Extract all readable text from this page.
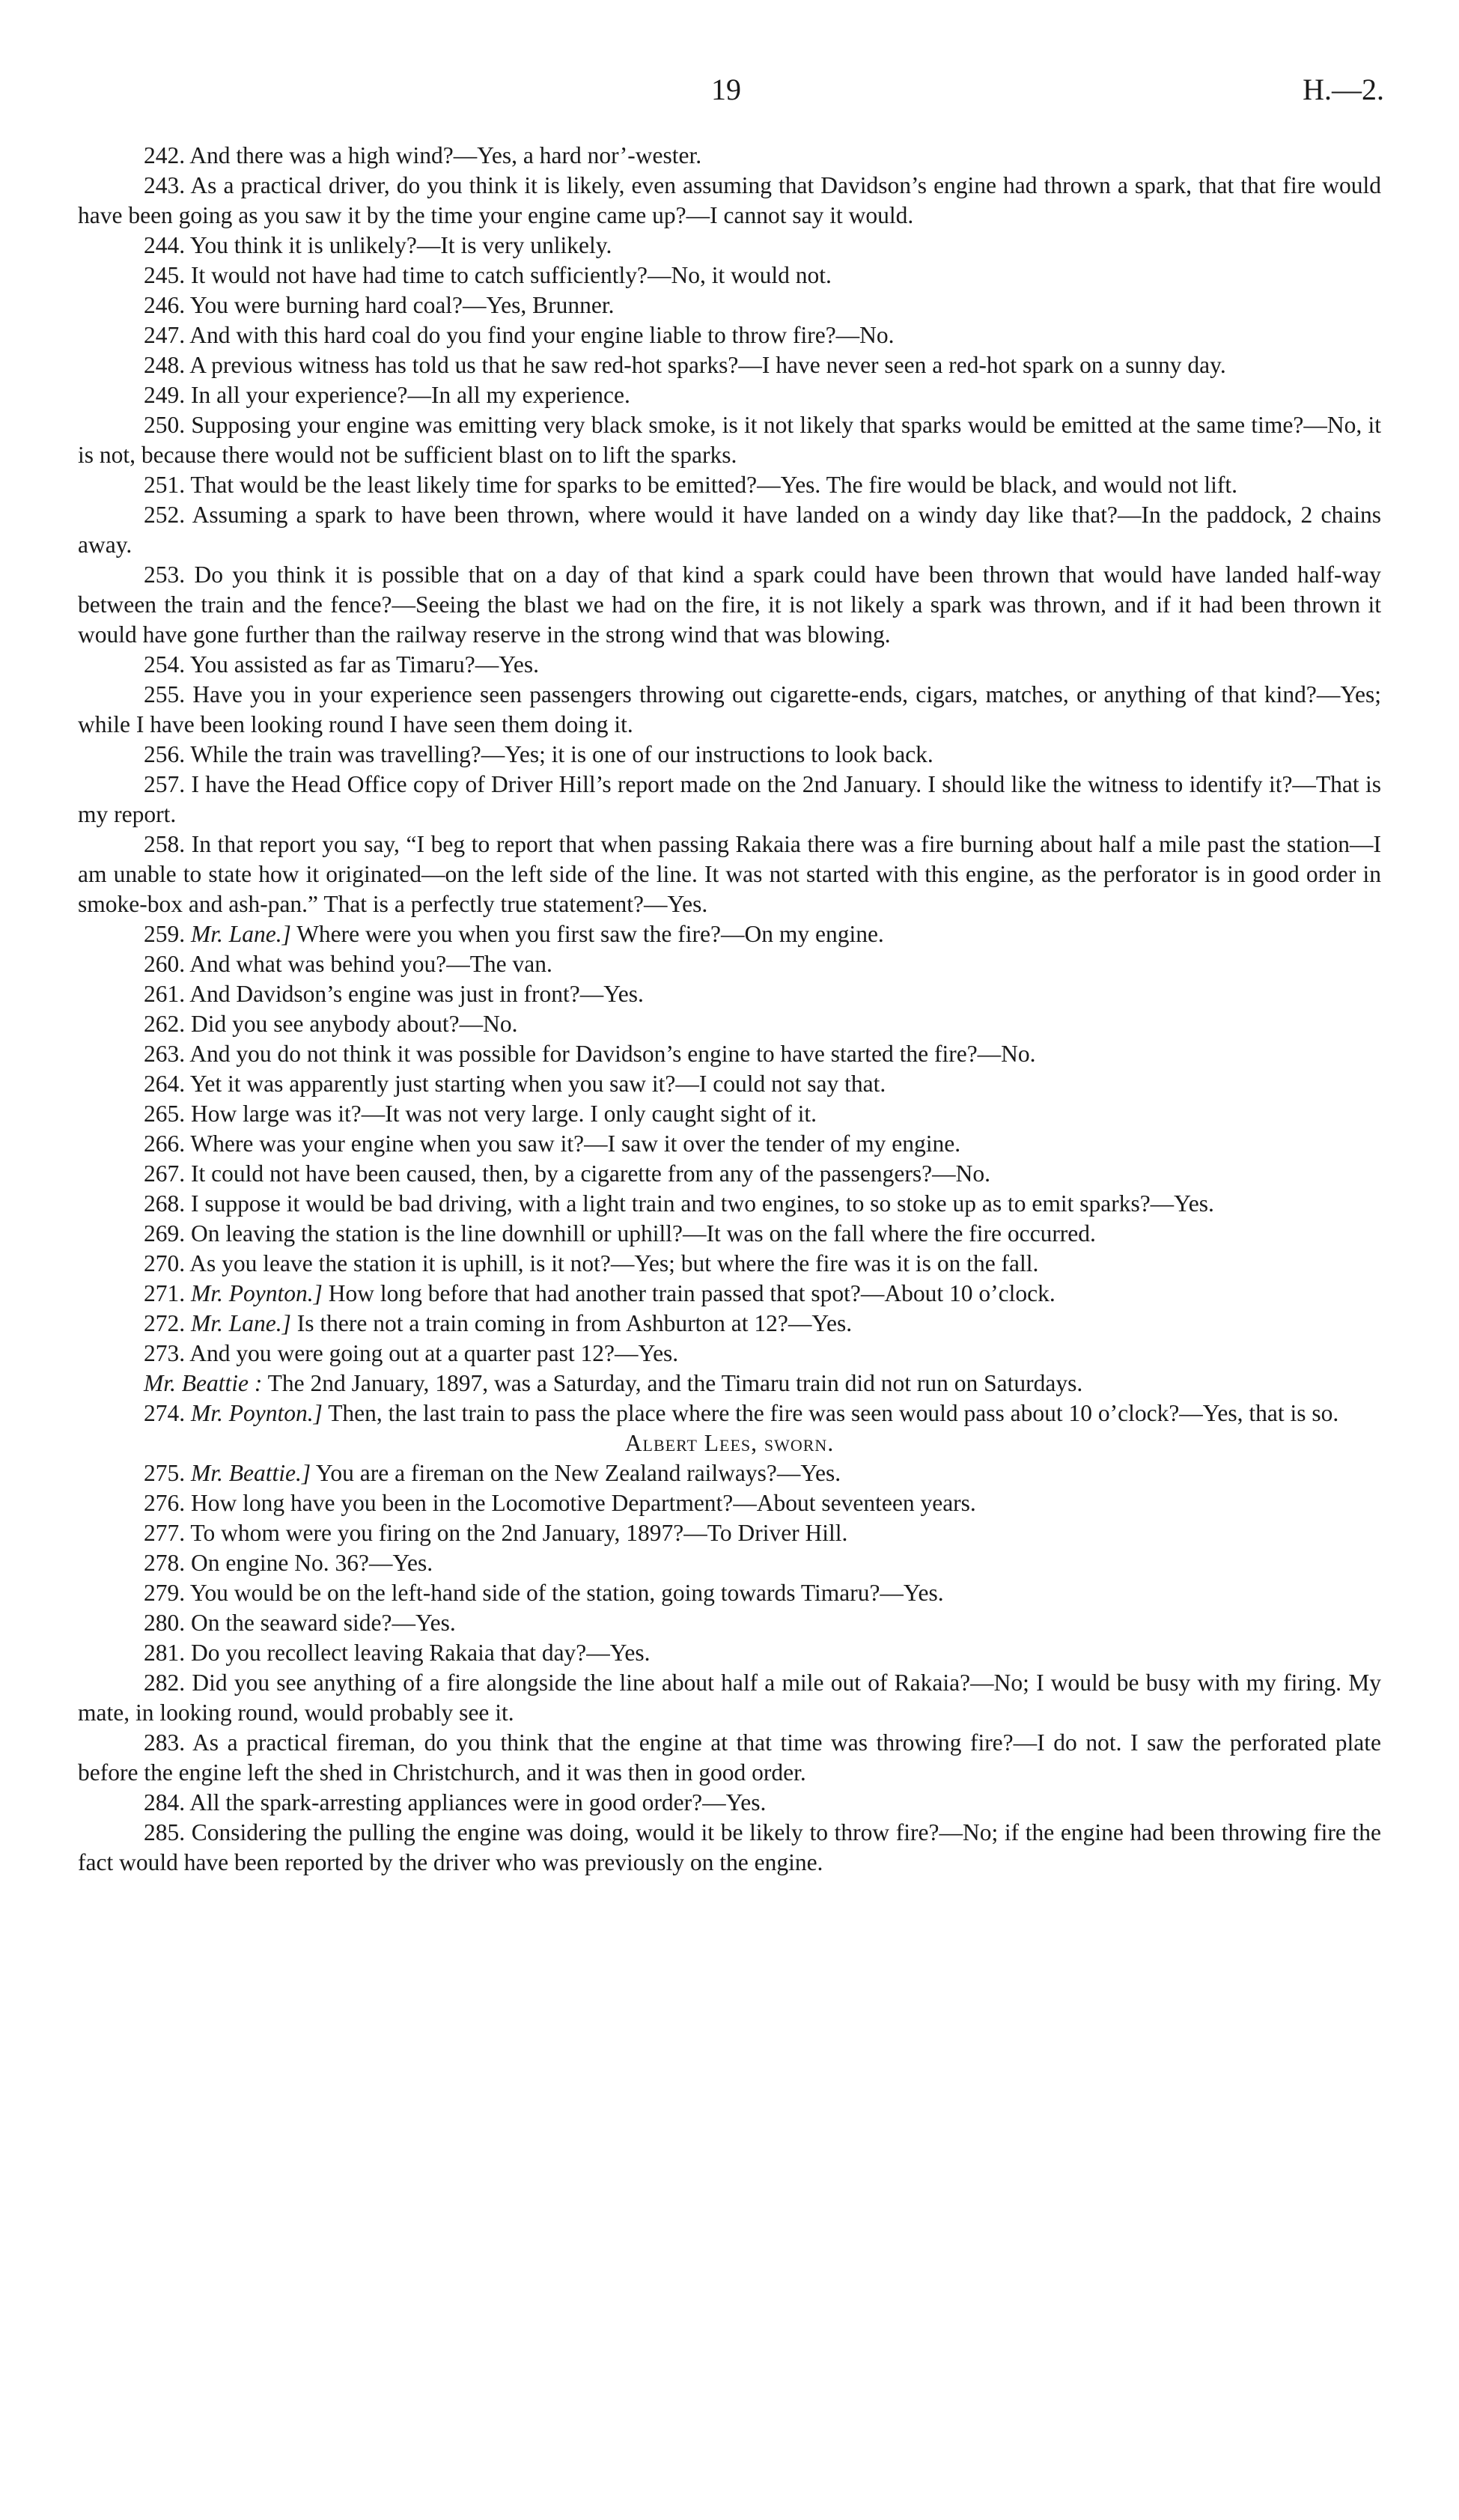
19	H.—2.

242. And there was a high wind?—Yes, a hard nor’-wester.

243. As a practical driver, do you think it is likely, even assuming that Davidson’s engine had thrown a spark, that that fire would have been going as you saw it by the time your engine came up?—I cannot say it would.

244. You think it is unlikely?—It is very unlikely.

245. It would not have had time to catch sufficiently?—No, it would not.

246. You were burning hard coal?—Yes, Brunner.

247. And with this hard coal do you find your engine liable to throw fire?—No.

248. A previous witness has told us that he saw red-hot sparks?—I have never seen a red-hot spark on a sunny day.

249. In all your experience?—In all my experience.

250. Supposing your engine was emitting very black smoke, is it not likely that sparks would be emitted at the same time?—No, it is not, because there would not be sufficient blast on to lift the sparks.

251. That would be the least likely time for sparks to be emitted?—Yes. The fire would be black, and would not lift.

252. Assuming a spark to have been thrown, where would it have landed on a windy day like that?—In the paddock, 2 chains away.

253. Do you think it is possible that on a day of that kind a spark could have been thrown that would have landed half-way between the train and the fence?—Seeing the blast we had on the fire, it is not likely a spark was thrown, and if it had been thrown it would have gone further than the railway reserve in the strong wind that was blowing.

254. You assisted as far as Timaru?—Yes.

255. Have you in your experience seen passengers throwing out cigarette-ends, cigars, matches, or anything of that kind?—Yes; while I have been looking round I have seen them doing it.

256. While the train was travelling?—Yes; it is one of our instructions to look back.

257. I have the Head Office copy of Driver Hill’s report made on the 2nd January. I should like the witness to identify it?—That is my report.

258. In that report you say, “I beg to report that when passing Rakaia there was a fire burning about half a mile past the station—I am unable to state how it originated—on the left side of the line. It was not started with this engine, as the perforator is in good order in smoke-box and ash-pan.” That is a perfectly true statement?—Yes.

259. Mr. Lane.] Where were you when you first saw the fire?—On my engine.

260. And what was behind you?—The van.

261. And Davidson’s engine was just in front?—Yes.

262. Did you see anybody about?—No.

263. And you do not think it was possible for Davidson’s engine to have started the fire?—No.

264. Yet it was apparently just starting when you saw it?—I could not say that.

265. How large was it?—It was not very large. I only caught sight of it.

266. Where was your engine when you saw it?—I saw it over the tender of my engine.

267. It could not have been caused, then, by a cigarette from any of the passengers?—No.

268. I suppose it would be bad driving, with a light train and two engines, to so stoke up as to emit sparks?—Yes.

269. On leaving the station is the line downhill or uphill?—It was on the fall where the fire occurred.

270. As you leave the station it is uphill, is it not?—Yes; but where the fire was it is on the fall.

271. Mr. Poynton.] How long before that had another train passed that spot?—About 10 o’clock.

272. Mr. Lane.] Is there not a train coming in from Ashburton at 12?—Yes.

273. And you were going out at a quarter past 12?—Yes.

Mr. Beattie : The 2nd January, 1897, was a Saturday, and the Timaru train did not run on Saturdays.

274. Mr. Poynton.] Then, the last train to pass the place where the fire was seen would pass about 10 o’clock?—Yes, that is so.

Albert Lees, sworn.

275. Mr. Beattie.] You are a fireman on the New Zealand railways?—Yes.

276. How long have you been in the Locomotive Department?—About seventeen years.

277. To whom were you firing on the 2nd January, 1897?—To Driver Hill.

278. On engine No. 36?—Yes.

279. You would be on the left-hand side of the station, going towards Timaru?—Yes.

280. On the seaward side?—Yes.

281. Do you recollect leaving Rakaia that day?—Yes.

282. Did you see anything of a fire alongside the line about half a mile out of Rakaia?—No; I would be busy with my firing. My mate, in looking round, would probably see it.

283. As a practical fireman, do you think that the engine at that time was throwing fire?—I do not. I saw the perforated plate before the engine left the shed in Christchurch, and it was then in good order.

284. All the spark-arresting appliances were in good order?—Yes.

285. Considering the pulling the engine was doing, would it be likely to throw fire?—No; if the engine had been throwing fire the fact would have been reported by the driver who was previously on the engine.
